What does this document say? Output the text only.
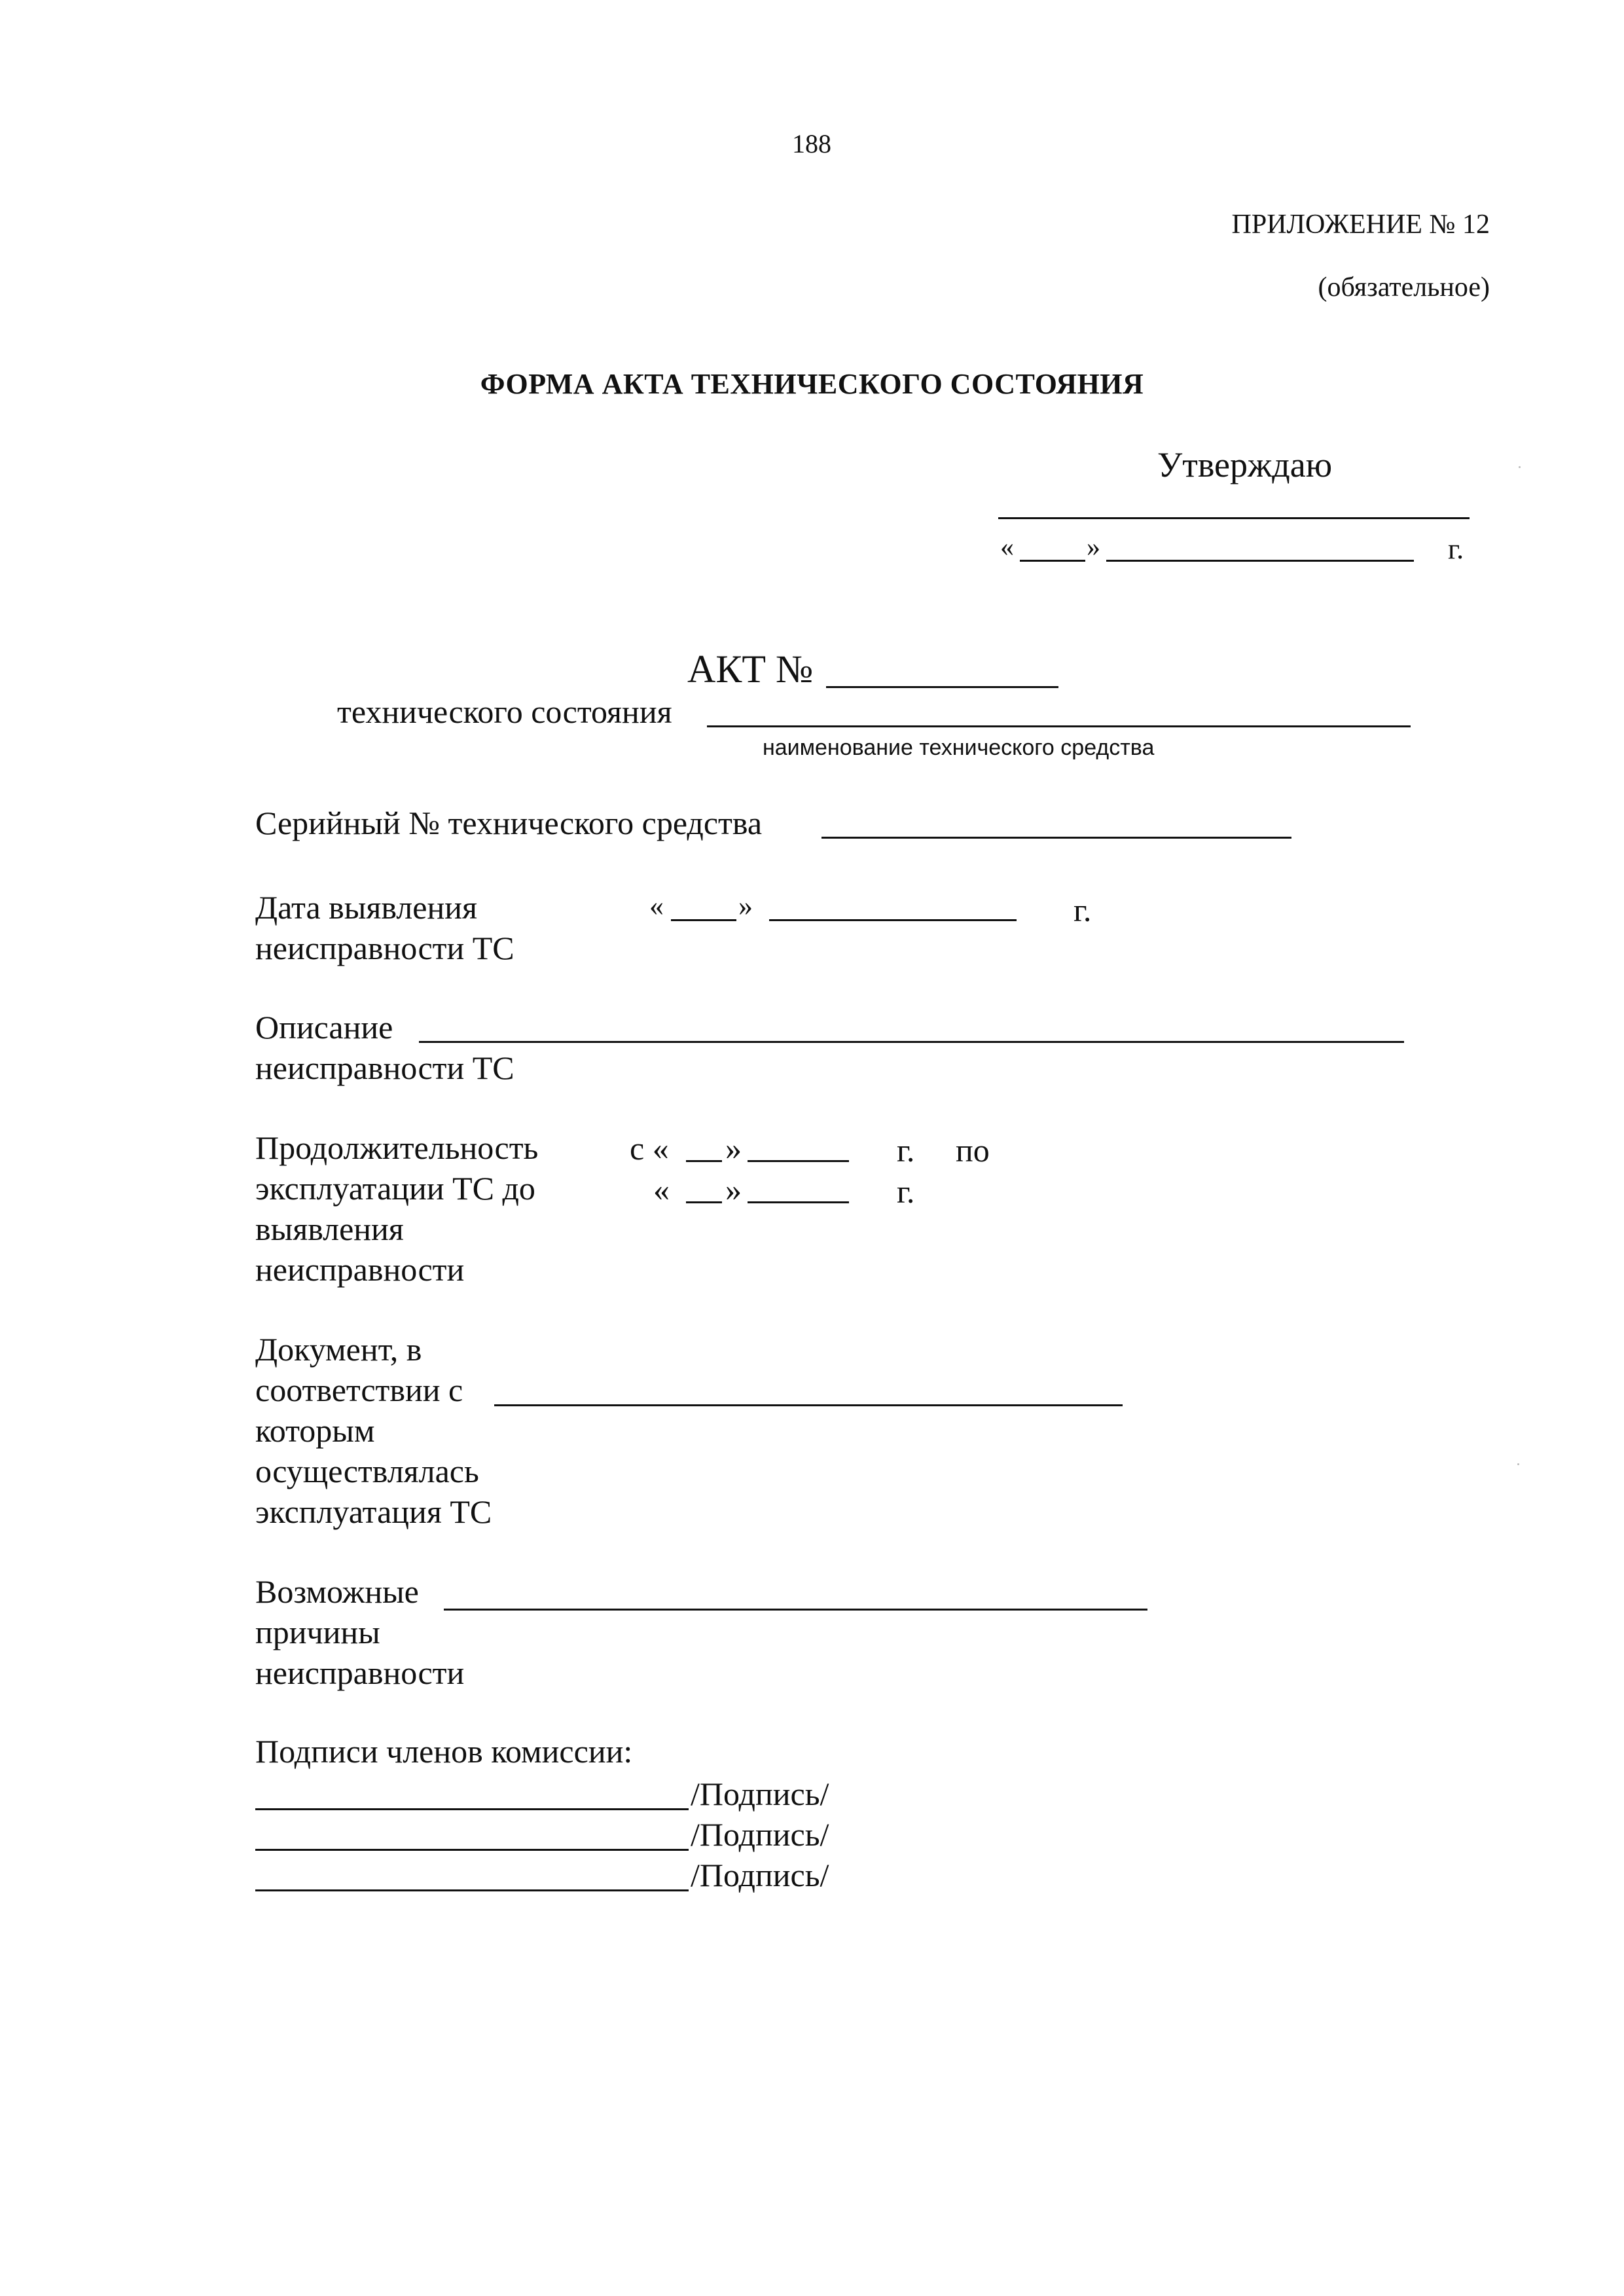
188
ПРИЛОЖЕНИЕ № 12
(обязательное)
ФОРМА АКТА ТЕХНИЧЕСКОГО СОСТОЯНИЯ
Утверждаю
«	»	г.
АКТ №
технического состояния
наименование технического средства
Серийный № технического средства
Дата выявления
неисправности ТС
«	»	г.
Описание
неисправности ТС
Продолжительность
эксплуатации ТС до
выявления
неисправности
с « »	г. по
« »	г.
Документ, в
соответствии с
которым
осуществлялась
эксплуатация ТС
Возможные
причины
неисправности
Подписи членов комиссии:
/Подпись/
/Подпись/
/Подпись/
